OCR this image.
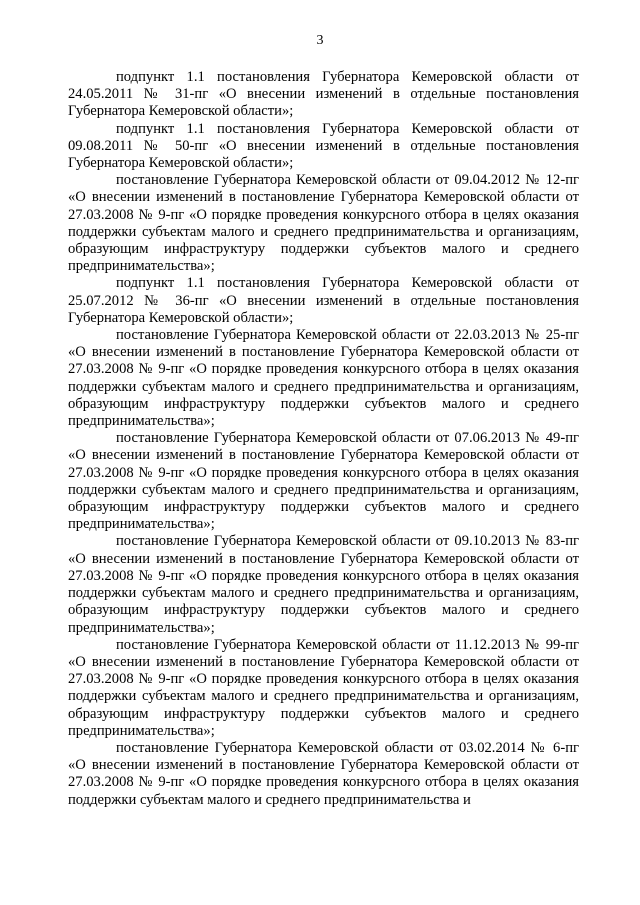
3

подпункт 1.1 постановления Губернатора Кемеровской области от 24.05.2011 № 31-пг «О внесении изменений в отдельные постановления Губернатора Кемеровской области»;

подпункт 1.1 постановления Губернатора Кемеровской области от 09.08.2011 № 50-пг «О внесении изменений в отдельные постановления Губернатора Кемеровской области»;

постановление Губернатора Кемеровской области от 09.04.2012 № 12-пг «О внесении изменений в постановление Губернатора Кемеровской области от 27.03.2008 № 9-пг «О порядке проведения конкурсного отбора в целях оказания поддержки субъектам малого и среднего предпринимательства и организациям, образующим инфраструктуру поддержки субъектов малого и среднего предпринимательства»;

подпункт 1.1 постановления Губернатора Кемеровской области от 25.07.2012 № 36-пг «О внесении изменений в отдельные постановления Губернатора Кемеровской области»;

постановление Губернатора Кемеровской области от 22.03.2013 № 25-пг «О внесении изменений в постановление Губернатора Кемеровской области от 27.03.2008 № 9-пг «О порядке проведения конкурсного отбора в целях оказания поддержки субъектам малого и среднего предпринимательства и организациям, образующим инфраструктуру поддержки субъектов малого и среднего предпринимательства»;

постановление Губернатора Кемеровской области от 07.06.2013 № 49-пг «О внесении изменений в постановление Губернатора Кемеровской области от 27.03.2008 № 9-пг «О порядке проведения конкурсного отбора в целях оказания поддержки субъектам малого и среднего предпринимательства и организациям, образующим инфраструктуру поддержки субъектов малого и среднего предпринимательства»;

постановление Губернатора Кемеровской области от 09.10.2013 № 83-пг «О внесении изменений в постановление Губернатора Кемеровской области от 27.03.2008 № 9-пг «О порядке проведения конкурсного отбора в целях оказания поддержки субъектам малого и среднего предпринимательства и организациям, образующим инфраструктуру поддержки субъектов малого и среднего предпринимательства»;

постановление Губернатора Кемеровской области от 11.12.2013 № 99-пг «О внесении изменений в постановление Губернатора Кемеровской области от 27.03.2008 № 9-пг «О порядке проведения конкурсного отбора в целях оказания поддержки субъектам малого и среднего предпринимательства и организациям, образующим инфраструктуру поддержки субъектов малого и среднего предпринимательства»;

постановление Губернатора Кемеровской области от 03.02.2014 № 6-пг «О внесении изменений в постановление Губернатора Кемеровской области от 27.03.2008 № 9-пг «О порядке проведения конкурсного отбора в целях оказания поддержки субъектам малого и среднего предпринимательства и
